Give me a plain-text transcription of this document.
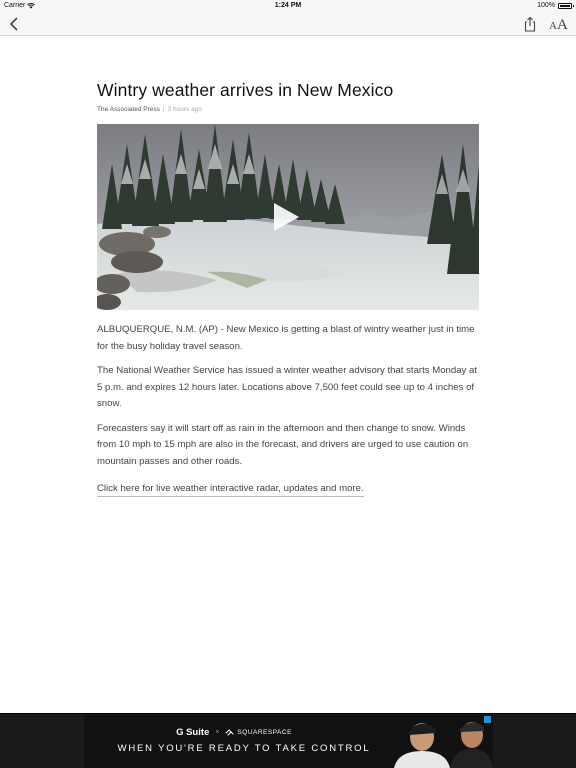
Carrier	1:24 PM	100%
AA
Wintry weather arrives in New Mexico
The Associated Press | 3 hours ago

ALBUQUERQUE, N.M. (AP) - New Mexico is getting a blast of wintry weather just in time for the busy holiday travel season.

The National Weather Service has issued a winter weather advisory that starts Monday at 5 p.m. and expires 12 hours later. Locations above 7,500 feet could see up to 4 inches of snow.

Forecasters say it will start off as rain in the afternoon and then change to snow. Winds from 10 mph to 15 mph are also in the forecast, and drivers are urged to use caution on mountain passes and other roads.

Click here for live weather interactive radar, updates and more.
G Suite ×	SQUARESPACE
WHEN YOU'RE READY TO TAKE CONTROL
